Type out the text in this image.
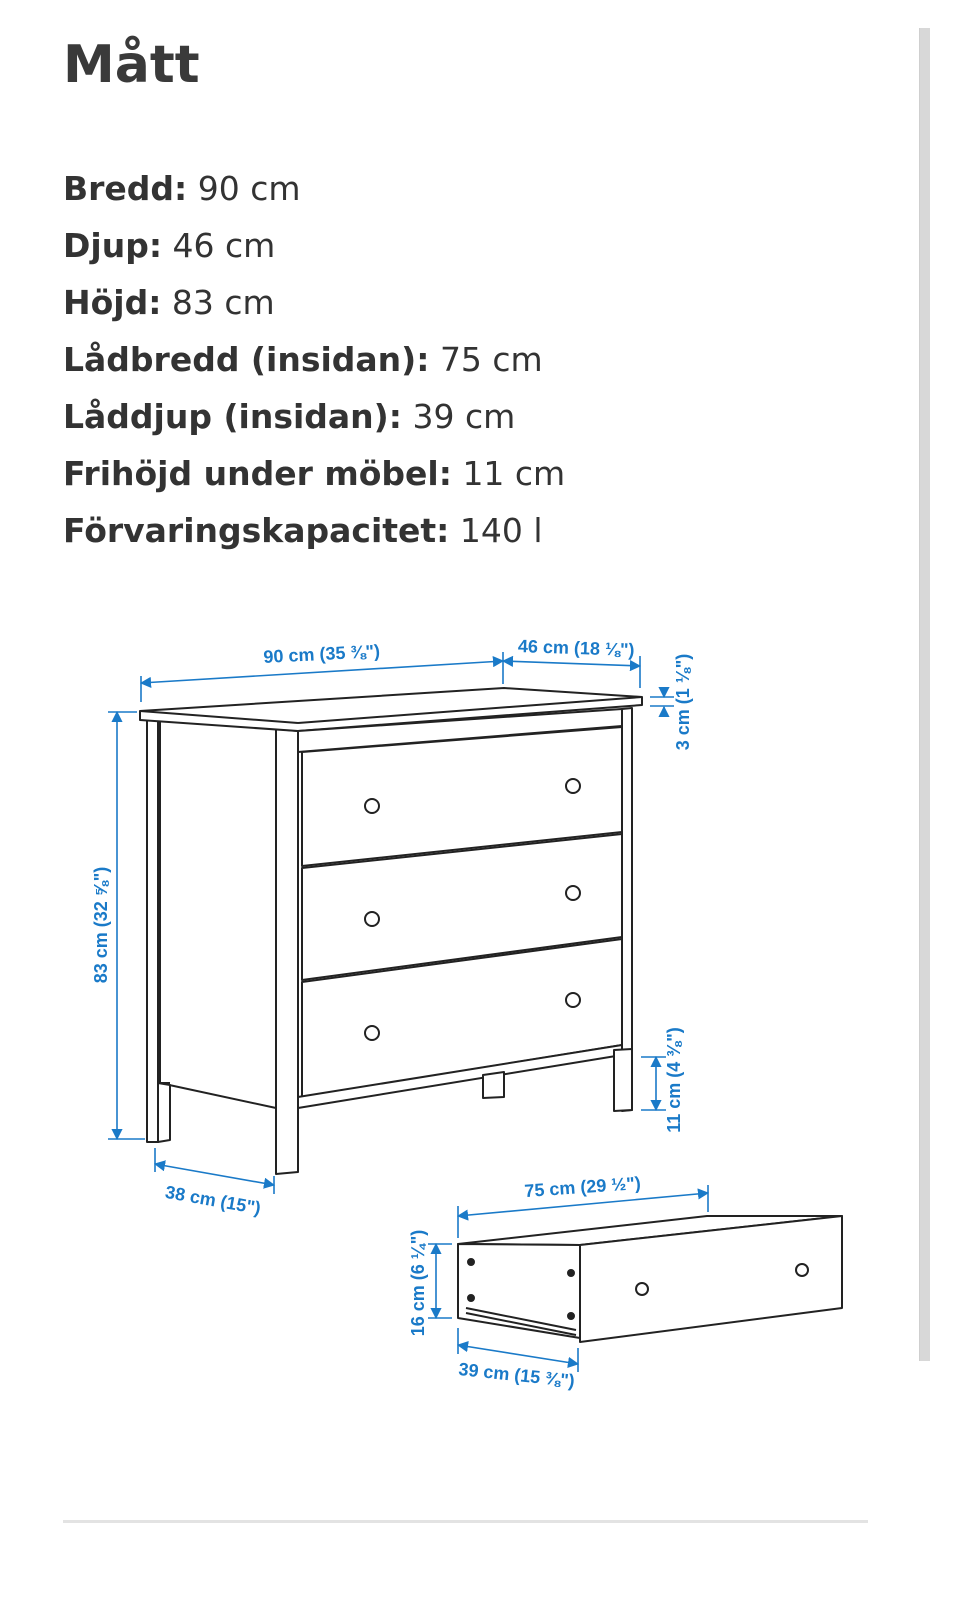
Mått
Bredd: 90 cm
Djup: 46 cm
Höjd: 83 cm
Lådbredd (insidan): 75 cm
Låddjup (insidan): 39 cm
Frihöjd under möbel: 11 cm
Förvaringskapacitet: 140 l
90 cm (35 ⅜")	46 cm (18 ⅛")
3 cm (1 ⅛")
83 cm (32 ⅝")
11 cm (4 ⅜")
38 cm (15")	75 cm (29 ½")
16 cm (6 ¼")
39 cm (15 ⅜")
